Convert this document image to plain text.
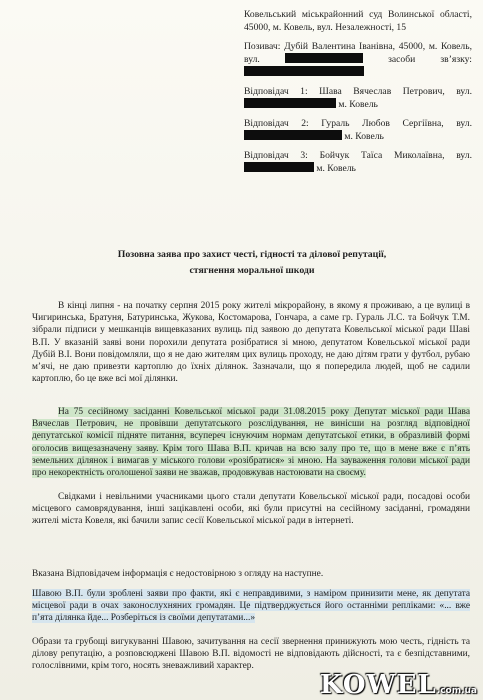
Ковельський міськрайонний суд Волинської області, 45000, м. Ковель, вул. Незалежності, 15
Позивач: Дубій Валентина Іванівна, 45000, м. Ковель, вул.	засоби зв’язку:
Відповідач 1: Шава Вячеслав Петрович, вул.  м. Ковель
Відповідач 2: Гураль Любов Сергіївна, вул.  м. Ковель
Відповідач 3: Бойчук Таїса Миколаївна, вул.  м. Ковель
Позовна заява про захист честі, гідності та ділової репутації,
стягнення моральної шкоди
В кінці липня - на початку серпня 2015 року жителі мікрорайону, в якому я проживаю, а це вулиці в Чигиринська, Братуня, Батуринська, Жукова, Костомарова, Гончара, а саме гр. Гураль Л.С. та Бойчук Т.М. зібрали підписи у мешканців вищевказаних вулиць під заявою до депутата Ковельської міської ради Шаві В.П. У вказаній заяві вони порохили депутата розібратися зі мною, депутатом Ковельської міської ради Дубій В.І. Вони повідомляли, що я не даю жителям цих вулиць проходу, не даю дітям грати у футбол, рубаю м’ячі, не даю привезти картоплю до їхніх ділянок. Зазначали, що я попередила людей, щоб не садили картоплю, бо це вже всі мої ділянки.
На 75 сесійному засіданні Ковельської міської ради 31.08.2015 року Депутат міської ради Шава Вячеслав Петрович, не провівши депутатського розслідування, не винісши на розгляд відповідної депутатської комісії підняте питання, всупереч існуючим нормам депутатської етики, в образливій формі оголосив вищезазначену заяву. Крім того Шава В.П. кричав на всю залу про те, що в мене вже є п’ять земельних ділянок і вимагав у міського голови «розібратися» зі мною. На зауваження голови міської ради про некоректність оголошеної заяви не зважав, продовжував настоювати на своєму.
Свідками і невільними учасниками цього стали депутати Ковельської міської ради, посадові особи місцевого самоврядування, інші зацікавлені особи, які були присутні на сесійному засіданні, громадяни жителі міста Ковеля, які бачили запис сесії Ковельської міської ради в інтернеті.
Вказана Відповідачем інформація є недостовірною з огляду на наступне.
Шавою В.П. були зроблені заяви про факти, які є неправдивими, з наміром принизити мене, як депутата місцевої ради в очах законослухняних громадян. Це підтверджується його останніми репліками: «... вже п’ята ділянка йде... Розберіться із своїми депутатами...»
Образи та грубощі вигукуванні Шавою, зачитування на сесії звернення принижують мою честь, гідність та ділову репутацію, а розповсюджені Шавою В.П. відомості не відповідають дійсності, та є безпідставними, голослівними, крім того, носять зневажливий характер.
KOWEL.com.ua
